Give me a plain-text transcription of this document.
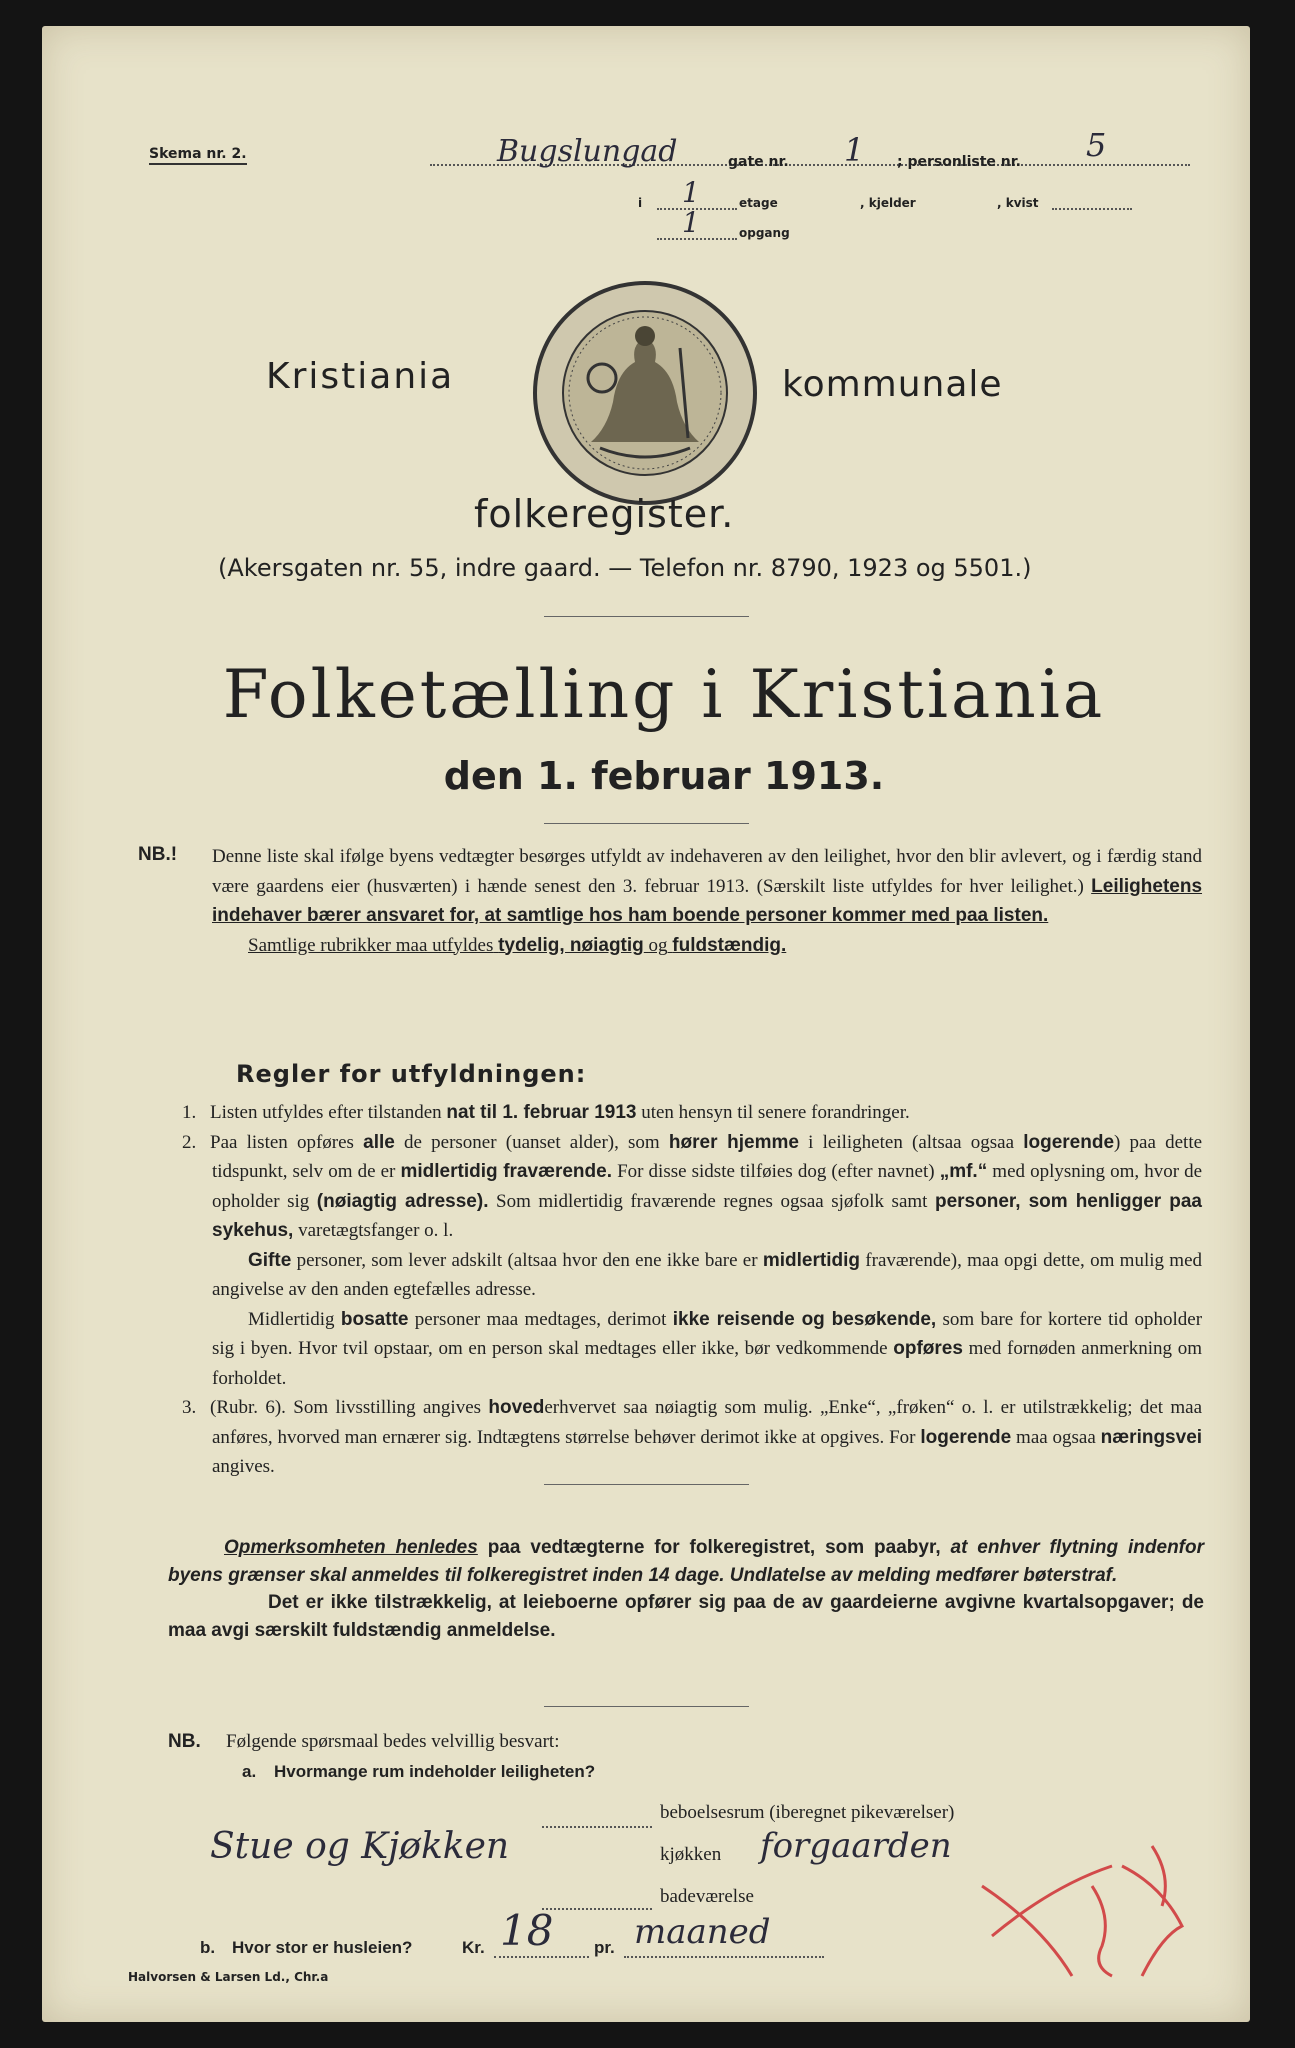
Skema nr. 2.	Bugslungad	gate nr. 1 ; personliste nr. 5
i 1	etage	, kjelder	, kvist
1	opgang
Kristiania	kommunale
folkeregister.
(Akersgaten nr. 55, indre gaard. — Telefon nr. 8790, 1923 og 5501.)
Folketælling i Kristiania
den 1. februar 1913.
NB.! Denne liste skal ifølge byens vedtægter besørges utfyldt av indehaveren av den leilighet, hvor den blir avlevert, og i færdig stand være gaardens eier (husværten) i hænde senest den 3. februar 1913. (Særskilt liste utfyldes for hver leilighet.) Leilighetens indehaver bærer ansvaret for, at samtlige hos ham boende personer kommer med paa listen.

Samtlige rubrikker maa utfyldes tydelig, nøiagtig og fuldstændig.

Regler for utfyldningen:

1. Listen utfyldes efter tilstanden nat til 1. februar 1913 uten hensyn til senere forandringer.

2. Paa listen opføres alle de personer (uanset alder), som hører hjemme i leiligheten (altsaa ogsaa logerende) paa dette tidspunkt, selv om de er midlertidig fraværende. For disse sidste tilføies dog (efter navnet) „mf.“ med oplysning om, hvor de opholder sig (nøiagtig adresse). Som midlertidig fraværende regnes ogsaa sjøfolk samt personer, som henligger paa sykehus, varetægtsfanger o. l.

Gifte personer, som lever adskilt (altsaa hvor den ene ikke bare er midlertidig fraværende), maa opgi dette, om mulig med angivelse av den anden egtefælles adresse.

Midlertidig bosatte personer maa medtages, derimot ikke reisende og besøkende, som bare for kortere tid opholder sig i byen. Hvor tvil opstaar, om en person skal medtages eller ikke, bør vedkommende opføres med fornøden anmerkning om forholdet.

3. (Rubr. 6). Som livsstilling angives hovederhvervet saa nøiagtig som mulig. „Enke“, „frøken“ o. l. er utilstrækkelig; det maa anføres, hvorved man ernærer sig. Indtægtens størrelse behøver derimot ikke at opgives. For logerende maa ogsaa næringsvei angives.

Opmerksomheten henledes paa vedtægterne for folkeregistret, som paabyr, at enhver flytning indenfor byens grænser skal anmeldes til folkeregistret inden 14 dage. Undlatelse av melding medfører bøterstraf.
Det er ikke tilstrækkelig, at leieboerne opfører sig paa de av gaardeierne avgivne kvartalsopgaver; de maa avgi særskilt fuldstændig anmeldelse.
NB. Følgende spørsmaal bedes velvillig besvart:
a. Hvormange rum indeholder leiligheten?
beboelsesrum (iberegnet pikeværelser)
Stue og Kjøkken	kjøkken forgaarden
badeværelse
b. Hvor stor er husleien?	Kr. 18 pr. maaned
Halvorsen & Larsen Ld., Chr.a
